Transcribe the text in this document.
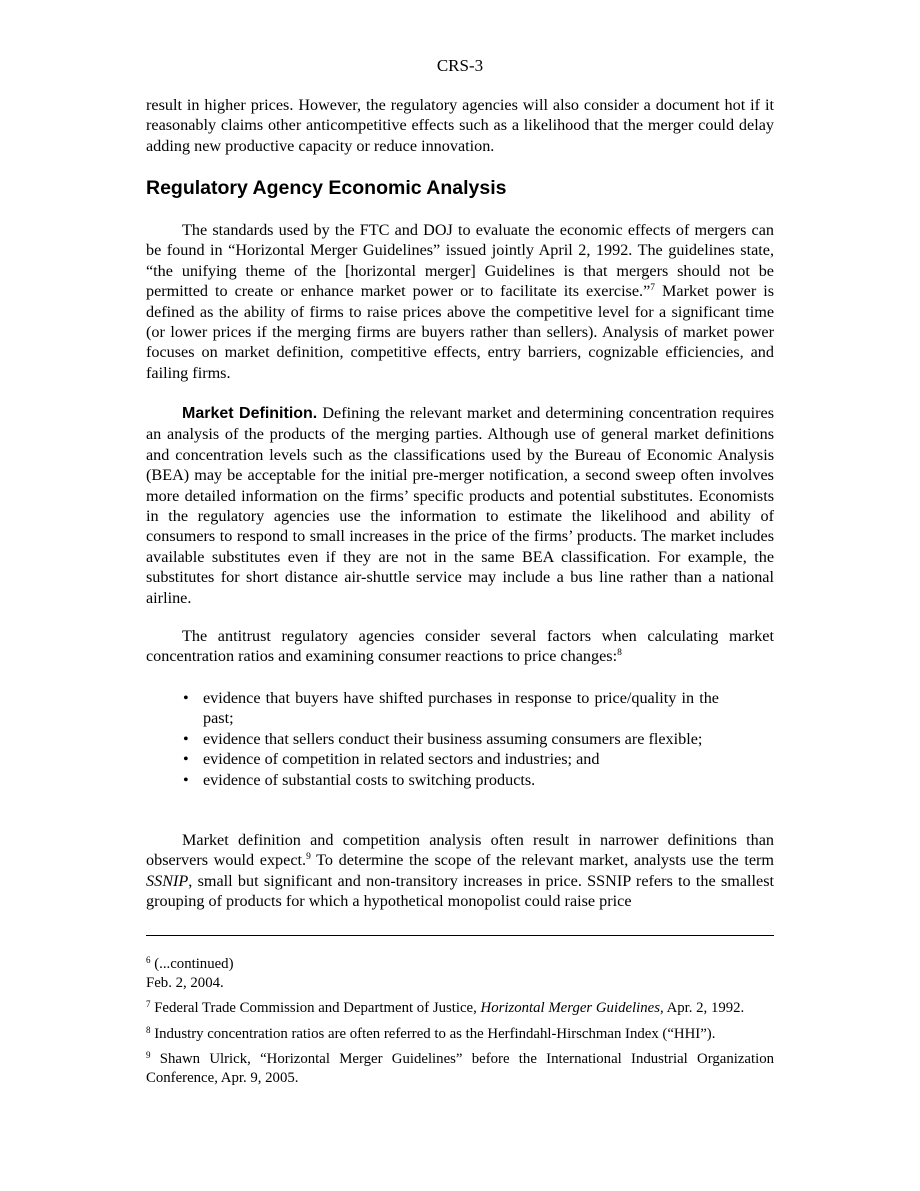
CRS-3

result in higher prices. However, the regulatory agencies will also consider a document hot if it reasonably claims other anticompetitive effects such as a likelihood that the merger could delay adding new productive capacity or reduce innovation.

Regulatory Agency Economic Analysis

The standards used by the FTC and DOJ to evaluate the economic effects of mergers can be found in “Horizontal Merger Guidelines” issued jointly April 2, 1992. The guidelines state, “the unifying theme of the [horizontal merger] Guidelines is that mergers should not be permitted to create or enhance market power or to facilitate its exercise.”$^7$ Market power is defined as the ability of firms to raise prices above the competitive level for a significant time (or lower prices if the merging firms are buyers rather than sellers). Analysis of market power focuses on market definition, competitive effects, entry barriers, cognizable efficiencies, and failing firms.

Market Definition. Defining the relevant market and determining concentration requires an analysis of the products of the merging parties. Although use of general market definitions and concentration levels such as the classifications used by the Bureau of Economic Analysis (BEA) may be acceptable for the initial pre-merger notification, a second sweep often involves more detailed information on the firms’ specific products and potential substitutes. Economists in the regulatory agencies use the information to estimate the likelihood and ability of consumers to respond to small increases in the price of the firms’ products. The market includes available substitutes even if they are not in the same BEA classification. For example, the substitutes for short distance air-shuttle service may include a bus line rather than a national airline.

The antitrust regulatory agencies consider several factors when calculating market concentration ratios and examining consumer reactions to price changes:$^8$

• evidence that buyers have shifted purchases in response to price/quality in the past;
• evidence that sellers conduct their business assuming consumers are flexible;
• evidence of competition in related sectors and industries; and
• evidence of substantial costs to switching products.

Market definition and competition analysis often result in narrower definitions than observers would expect.$^9$ To determine the scope of the relevant market, analysts use the term SSNIP, small but significant and non-transitory increases in price. SSNIP refers to the smallest grouping of products for which a hypothetical monopolist could raise price

$^6$ (...continued)
Feb. 2, 2004.

$^7$ Federal Trade Commission and Department of Justice, Horizontal Merger Guidelines, Apr. 2, 1992.

$^8$ Industry concentration ratios are often referred to as the Herfindahl-Hirschman Index (“HHI”).

$^9$ Shawn Ulrick, “Horizontal Merger Guidelines” before the International Industrial Organization Conference, Apr. 9, 2005.
